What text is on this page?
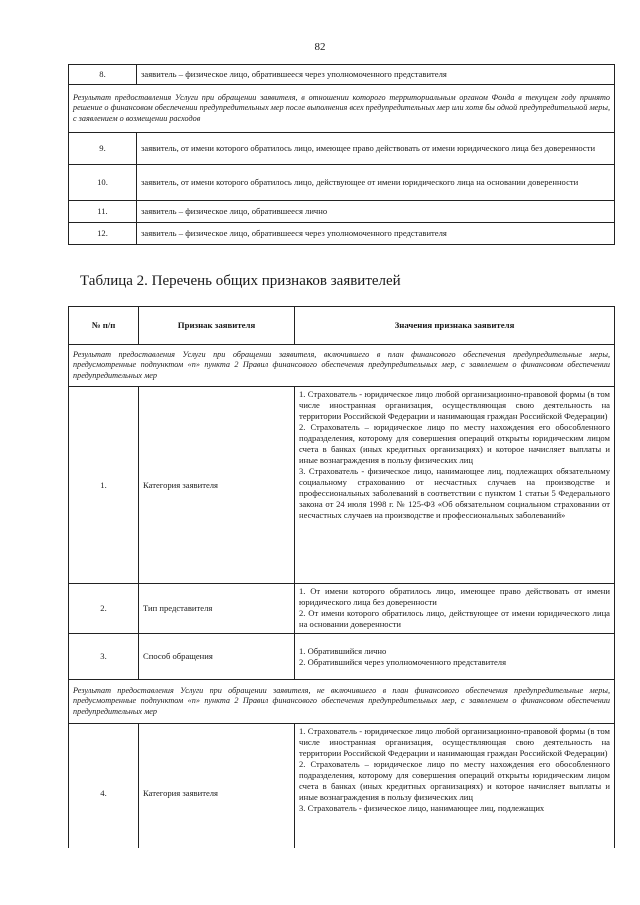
82
8.	заявитель – физическое лицо, обратившееся через уполномоченного представителя
Результат предоставления Услуги при обращении заявителя, в отношении которого территориальным органом Фонда в текущем году принято решение о финансовом обеспечении предупредительных мер после выполнения всех предупредительных мер или хотя бы одной предупредительной меры, с заявлением о возмещении расходов	
9.	заявитель, от имени которого обратилось лицо, имеющее право действовать от имени юридического лица без доверенности
10.	заявитель, от имени которого обратилось лицо, действующее от имени юридического лица на основании доверенности
11.	заявитель – физическое лицо, обратившееся лично
12.	заявитель – физическое лицо, обратившееся через уполномоченного представителя
Таблица 2. Перечень общих признаков заявителей
№ п/п	Признак заявителя	Значения признака заявителя
Результат предоставления Услуги при обращении заявителя, включившего в план финансового обеспечения предупредительные меры, предусмотренные подпунктом «п» пункта 2 Правил финансового обеспечения предупредительных мер, с заявлением о финансовом обеспечении предупредительных мер		
1.	Категория заявителя	1. Страхователь - юридическое лицо любой организационно-правовой формы (в том числе иностранная организация, осуществляющая свою деятельность на территории Российской Федерации и нанимающая граждан Российской Федерации)
2. Страхователь – юридическое лицо по месту нахождения его обособленного подразделения, которому для совершения операций открыты юридическим лицом счета в банках (иных кредитных организациях) и которое начисляет выплаты и иные вознаграждения в пользу физических лиц
3. Страхователь - физическое лицо, нанимающее лиц, подлежащих обязательному социальному страхованию от несчастных случаев на производстве и профессиональных заболеваний в соответствии с пунктом 1 статьи 5 Федерального закона от 24 июля 1998 г. № 125-ФЗ «Об обязательном социальном страховании от несчастных случаев на производстве и профессиональных заболеваний»

2.	Тип представителя	1. От имени которого обратилось лицо, имеющее право действовать от имени юридического лица без доверенности
2. От имени которого обратилось лицо, действующее от имени юридического лица на основании доверенности

3.	Способ обращения	1. Обратившийся лично
2. Обратившийся через уполномоченного представителя

Результат предоставления Услуги при обращении заявителя, не включившего в план финансового обеспечения предупредительные меры, предусмотренные подпунктом «п» пункта 2 Правил финансового обеспечения предупредительных мер, с заявлением о финансовом обеспечении предупредительных мер		
4.	Категория заявителя	1. Страхователь - юридическое лицо любой организационно-правовой формы (в том числе иностранная организация, осуществляющая свою деятельность на территории Российской Федерации и нанимающая граждан Российской Федерации)
2. Страхователь – юридическое лицо по месту нахождения его обособленного подразделения, которому для совершения операций открыты юридическим лицом счета в банках (иных кредитных организациях) и которое начисляет выплаты и иные вознаграждения в пользу физических лиц
3. Страхователь - физическое лицо, нанимающее лиц, подлежащих
